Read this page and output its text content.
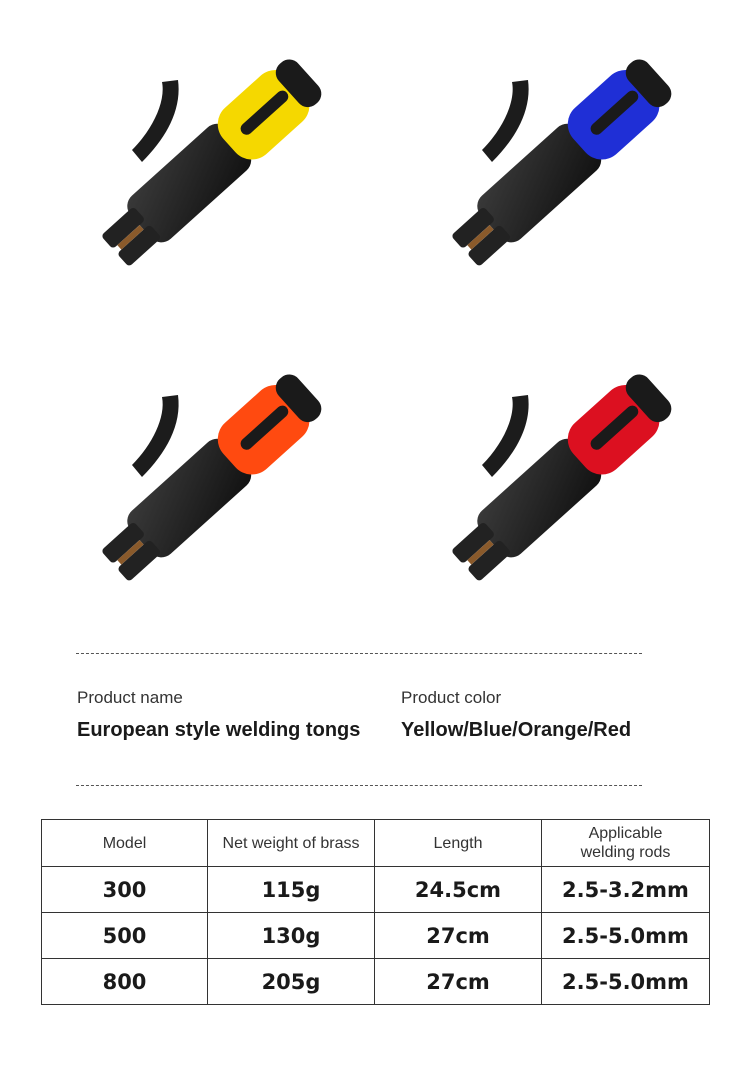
Product name
European style welding tongs
Product color
Yellow/Blue/Orange/Red
Model	Net weight of brass	Length	Applicable
welding rods
300	115g	24.5cm	2.5-3.2mm
500	130g	27cm	2.5-5.0mm
800	205g	27cm	2.5-5.0mm
